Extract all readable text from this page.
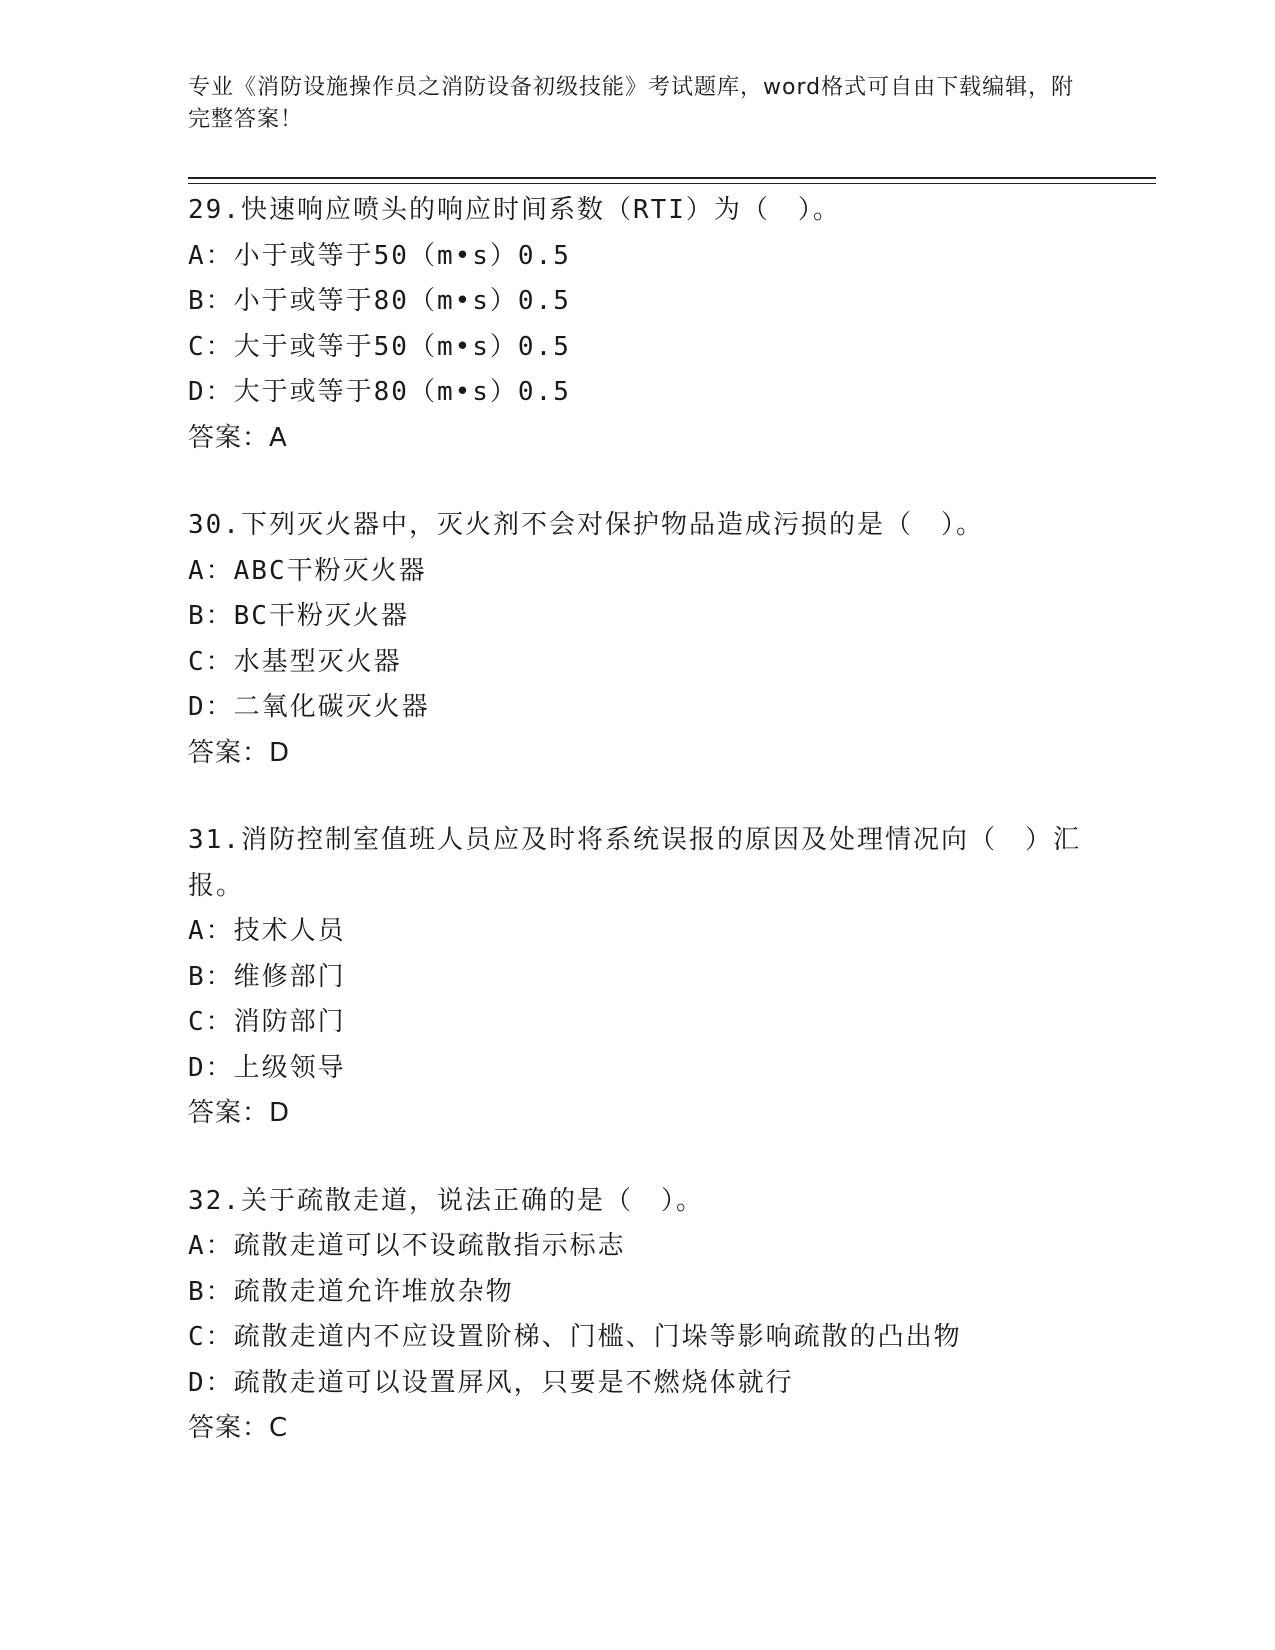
专业《消防设施操作员之消防设备初级技能》考试题库，word格式可自由下载编辑，附完整答案！
29.快速响应喷头的响应时间系数（RTI）为（　）。
A：小于或等于50（m•s）0.5
B：小于或等于80（m•s）0.5
C：大于或等于50（m•s）0.5
D：大于或等于80（m•s）0.5
答案：A
30.下列灭火器中，灭火剂不会对保护物品造成污损的是（　）。
A：ABC干粉灭火器
B：BC干粉灭火器
C：水基型灭火器
D：二氧化碳灭火器
答案：D
31.消防控制室值班人员应及时将系统误报的原因及处理情况向（　）汇报。
A：技术人员
B：维修部门
C：消防部门
D：上级领导
答案：D
32.关于疏散走道，说法正确的是（　）。
A：疏散走道可以不设疏散指示标志
B：疏散走道允许堆放杂物
C：疏散走道内不应设置阶梯、门槛、门垛等影响疏散的凸出物
D：疏散走道可以设置屏风，只要是不燃烧体就行
答案：C
